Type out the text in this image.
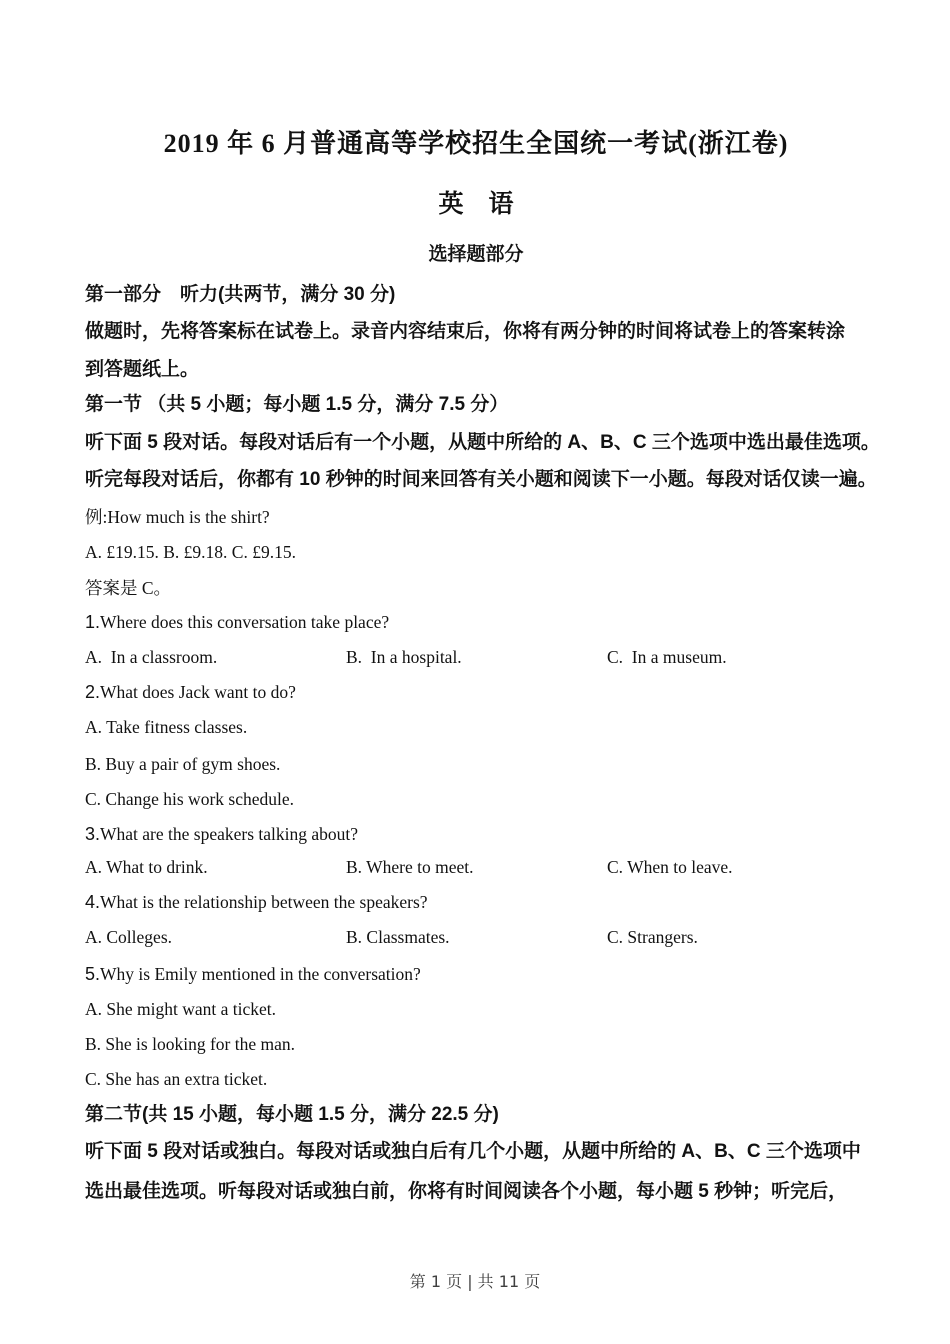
2019 年 6 月普通高等学校招生全国统一考试(浙江卷)
英　语
选择题部分
第一部分　听力(共两节，满分 30 分)
做题时，先将答案标在试卷上。录音内容结束后，你将有两分钟的时间将试卷上的答案转涂
到答题纸上。
第一节 （共 5 小题；每小题 1.5 分，满分 7.5 分）
听下面 5 段对话。每段对话后有一个小题，从题中所给的 A、B、C 三个选项中选出最佳选项。
听完每段对话后，你都有 10 秒钟的时间来回答有关小题和阅读下一小题。每段对话仅读一遍。
例:How much is the shirt?
A. £19.15. B. £9.18. C. £9.15.
答案是 C。
1.Where does this conversation take place?
A.  In a classroom.	B.  In a hospital.	C.  In a museum.
2.What does Jack want to do?
A. Take fitness classes.
B. Buy a pair of gym shoes.
C. Change his work schedule.
3.What are the speakers talking about?
A. What to drink.	B. Where to meet.	C. When to leave.
4.What is the relationship between the speakers?
A. Colleges.	B. Classmates.	C. Strangers.
5.Why is Emily mentioned in the conversation?
A. She might want a ticket.
B. She is looking for the man.
C. She has an extra ticket.
第二节(共 15 小题，每小题 1.5 分，满分 22.5 分)
听下面 5 段对话或独白。每段对话或独白后有几个小题，从题中所给的 A、B、C 三个选项中
选出最佳选项。听每段对话或独白前，你将有时间阅读各个小题，每小题 5 秒钟；听完后，
第 1 页 | 共 11 页
